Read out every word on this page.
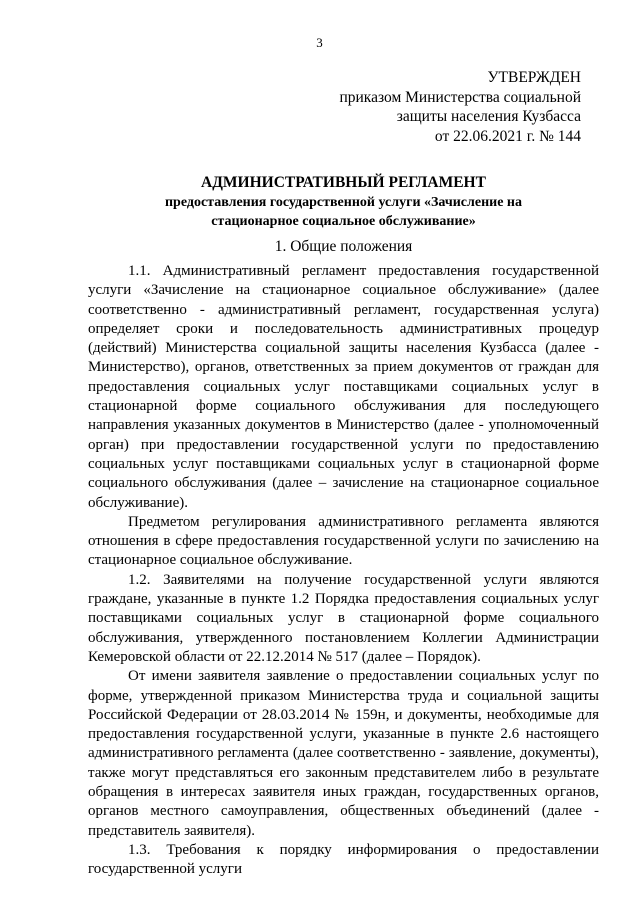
3
УТВЕРЖДЕН
приказом Министерства социальной
защиты населения Кузбасса
от 22.06.2021 г. № 144
АДМИНИСТРАТИВНЫЙ РЕГЛАМЕНТ
предоставления государственной услуги «Зачисление на
стационарное социальное обслуживание»
1. Общие положения

1.1. Административный регламент предоставления государственной услуги «Зачисление на стационарное социальное обслуживание» (далее соответственно - административный регламент, государственная услуга) определяет сроки и последовательность административных процедур (действий) Министерства социальной защиты населения Кузбасса (далее - Министерство), органов, ответственных за прием документов от граждан для предоставления социальных услуг поставщиками социальных услуг в стационарной форме социального обслуживания для последующего направления указанных документов в Министерство (далее - уполномоченный орган) при предоставлении государственной услуги по предоставлению социальных услуг поставщиками социальных услуг в стационарной форме социального обслуживания (далее – зачисление на стационарное социальное обслуживание).

Предметом регулирования административного регламента являются отношения в сфере предоставления государственной услуги по зачислению на стационарное социальное обслуживание.

1.2. Заявителями на получение государственной услуги являются граждане, указанные в пункте 1.2 Порядка предоставления социальных услуг поставщиками социальных услуг в стационарной форме социального обслуживания, утвержденного постановлением Коллегии Администрации Кемеровской области от 22.12.2014 № 517 (далее – Порядок).

От имени заявителя заявление о предоставлении социальных услуг по форме, утвержденной приказом Министерства труда и социальной защиты Российской Федерации от 28.03.2014 № 159н, и документы, необходимые для предоставления государственной услуги, указанные в пункте 2.6 настоящего административного регламента (далее соответственно - заявление, документы), также могут представляться его законным представителем либо в результате обращения в интересах заявителя иных граждан, государственных органов, органов местного самоуправления, общественных объединений (далее - представитель заявителя).

1.3. Требования к порядку информирования о предоставлении государственной услуги
